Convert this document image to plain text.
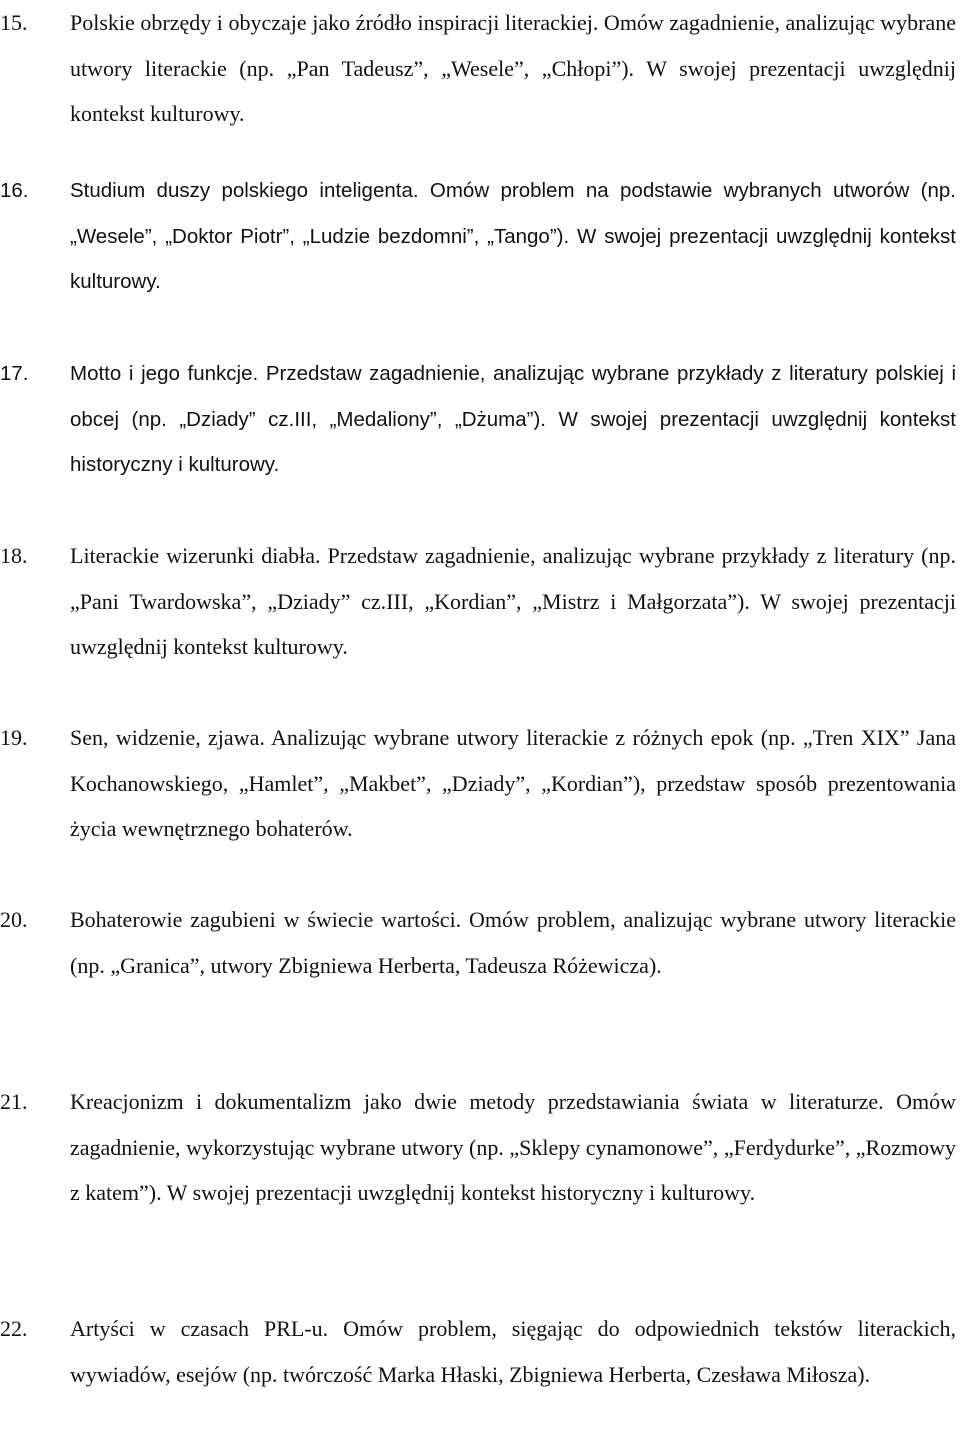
15.	Polskie obrzędy i obyczaje jako źródło inspiracji literackiej. Omów zagadnienie, analizując wybrane utwory literackie (np. „Pan Tadeusz”, „Wesele”, „Chłopi”). W swojej prezentacji uwzględnij kontekst kulturowy.
16.	Studium duszy polskiego inteligenta. Omów problem na podstawie wybranych utworów (np. „Wesele”, „Doktor Piotr”, „Ludzie bezdomni”, „Tango”). W swojej prezentacji uwzględnij kontekst kulturowy.
17.	Motto i jego funkcje. Przedstaw zagadnienie, analizując wybrane przykłady z literatury polskiej i obcej (np. „Dziady” cz.III, „Medaliony”, „Dżuma”). W swojej prezentacji uwzględnij kontekst historyczny i kulturowy.
18.	Literackie wizerunki diabła. Przedstaw zagadnienie, analizując wybrane przykłady z literatury (np. „Pani Twardowska”, „Dziady” cz.III, „Kordian”, „Mistrz i Małgorzata”). W swojej prezentacji uwzględnij kontekst kulturowy.
19.	Sen, widzenie, zjawa. Analizując wybrane utwory literackie z różnych epok (np. „Tren XIX” Jana Kochanowskiego, „Hamlet”, „Makbet”, „Dziady”, „Kordian”), przedstaw sposób prezentowania życia wewnętrznego bohaterów.
20.	Bohaterowie zagubieni w świecie wartości. Omów problem, analizując wybrane utwory literackie (np. „Granica”, utwory Zbigniewa Herberta, Tadeusza Różewicza).
21.	Kreacjonizm i dokumentalizm jako dwie metody przedstawiania świata w literaturze. Omów zagadnienie, wykorzystując wybrane utwory (np. „Sklepy cynamonowe”, „Ferdydurke”, „Rozmowy z katem”). W swojej prezentacji uwzględnij kontekst historyczny i kulturowy.
22.	Artyści w czasach PRL-u. Omów problem, sięgając do odpowiednich tekstów literackich, wywiadów, esejów (np. twórczość Marka Hłaski, Zbigniewa Herberta, Czesława Miłosza).
